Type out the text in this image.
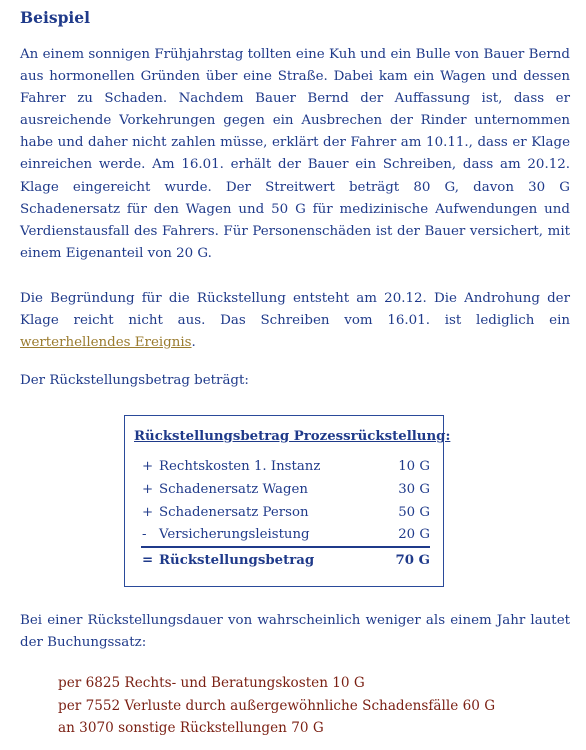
Beispiel

An einem sonnigen Frühjahrstag tollten eine Kuh und ein Bulle von Bauer Bernd aus hormonellen Gründen über eine Straße. Dabei kam ein Wagen und dessen Fahrer zu Schaden. Nachdem Bauer Bernd der Auffassung ist, dass er ausreichende Vorkehrungen gegen ein Ausbrechen der Rinder unternommen habe und daher nicht zahlen müsse, erklärt der Fahrer am 10.11., dass er Klage einreichen werde. Am 16.01. erhält der Bauer ein Schreiben, dass am 20.12. Klage eingereicht wurde. Der Streitwert beträgt 80 G, davon 30 G Schadenersatz für den Wagen und 50 G für medizinische Aufwendungen und Verdienstausfall des Fahrers. Für Personenschäden ist der Bauer versichert, mit einem Eigenanteil von 20 G.

Die Begründung für die Rückstellung entsteht am 20.12. Die Androhung der Klage reicht nicht aus. Das Schreiben vom 16.01. ist lediglich ein werterhellendes Ereignis.

Der Rückstellungsbetrag beträgt:

Rückstellungsbetrag Prozessrückstellung:
+ Rechtskosten 1. Instanz	10 G
+ Schadenersatz Wagen	30 G
+ Schadenersatz Person	50 G
- Versicherungsleistung	20 G
= Rückstellungsbetrag	70 G

Bei einer Rückstellungsdauer von wahrscheinlich weniger als einem Jahr lautet der Buchungssatz:

per 6825 Rechts- und Beratungskosten 10 G
per 7552 Verluste durch außergewöhnliche Schadensfälle 60 G
an 3070 sonstige Rückstellungen 70 G
